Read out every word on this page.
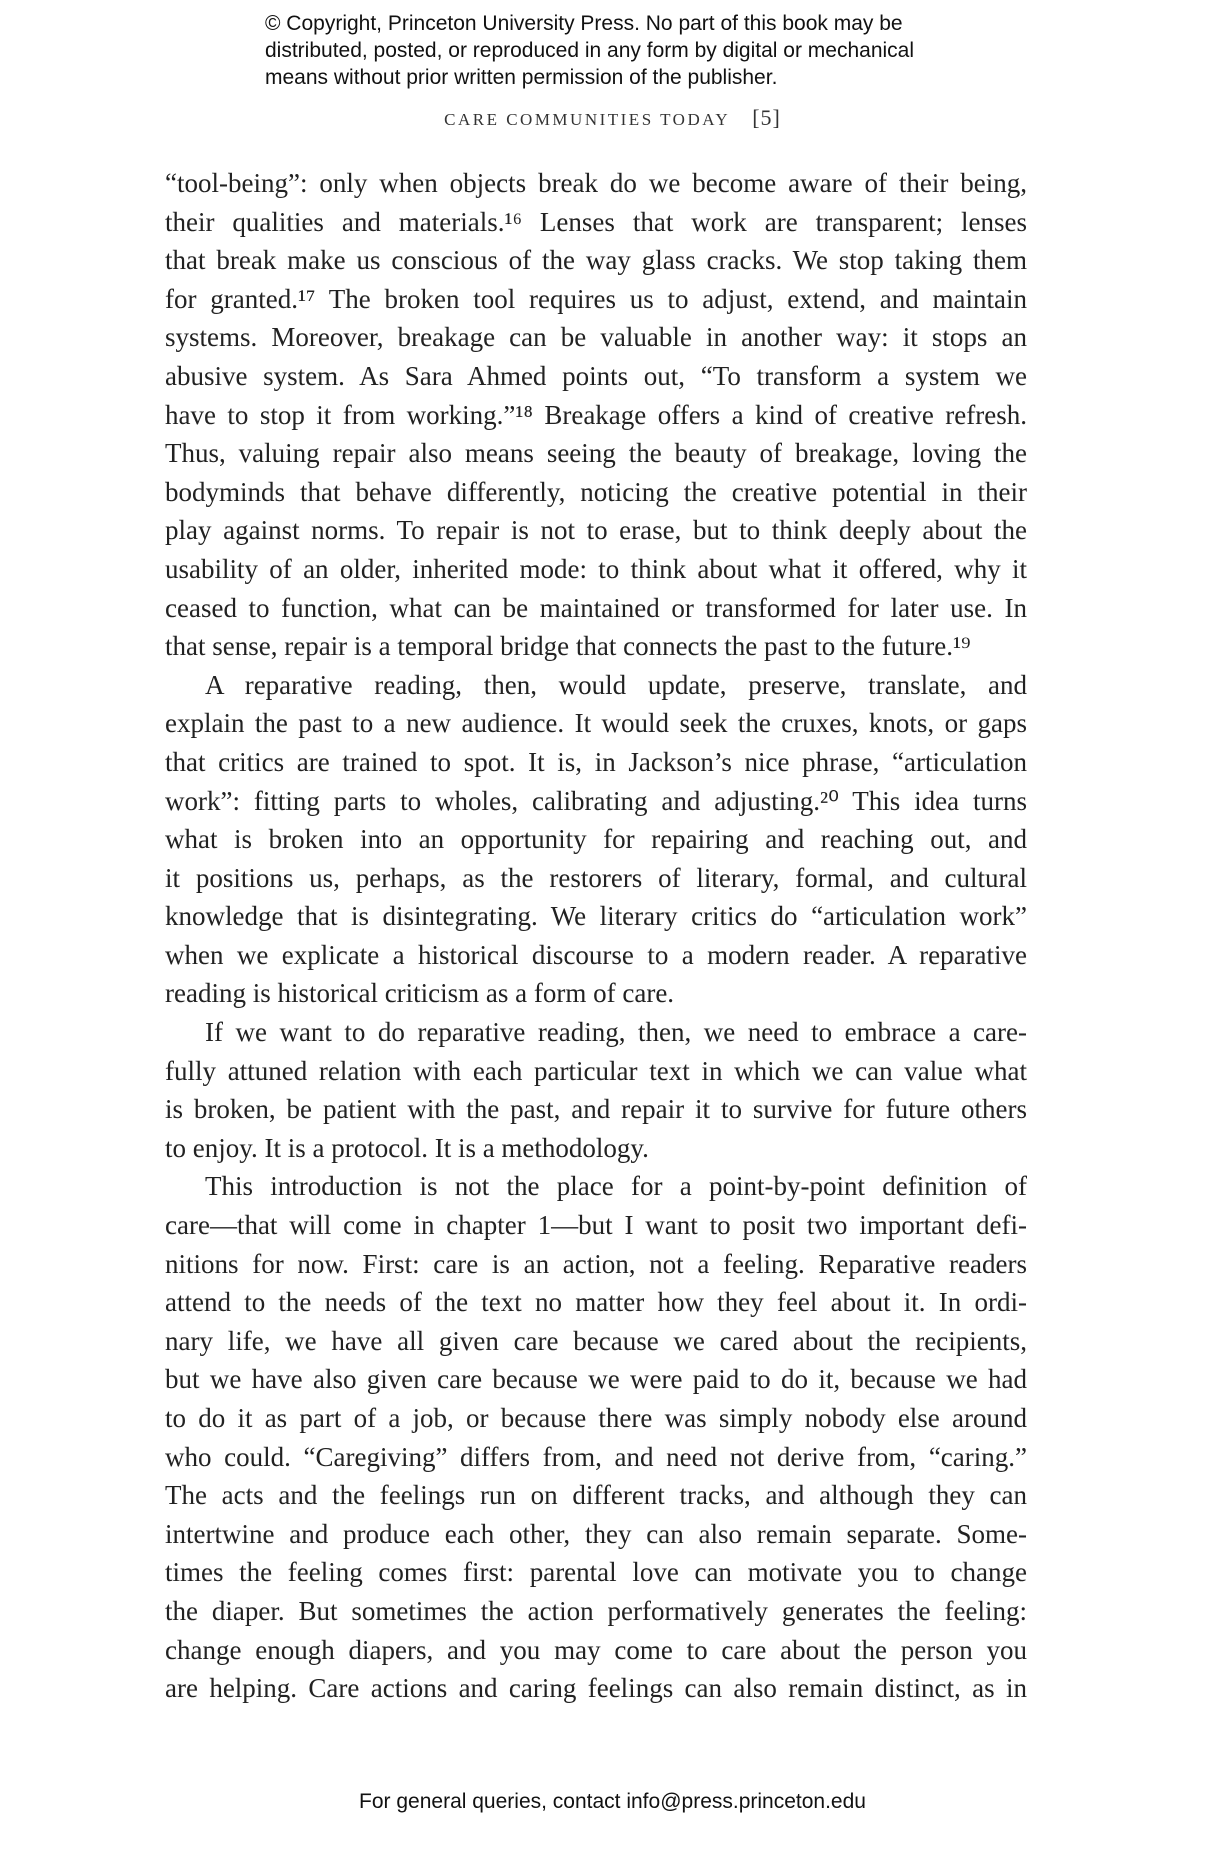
© Copyright, Princeton University Press. No part of this book may be
distributed, posted, or reproduced in any form by digital or mechanical
means without prior written permission of the publisher.
CARE COMMUNITIES TODAY [5]
“tool-being”: only when objects break do we become aware of their being,
their qualities and materials.¹⁶ Lenses that work are transparent; lenses
that break make us conscious of the way glass cracks. We stop taking them
for granted.¹⁷ The broken tool requires us to adjust, extend, and maintain
systems. Moreover, breakage can be valuable in another way: it stops an
abusive system. As Sara Ahmed points out, “To transform a system we
have to stop it from working.”¹⁸ Breakage offers a kind of creative refresh.
Thus, valuing repair also means seeing the beauty of breakage, loving the
bodyminds that behave differently, noticing the creative potential in their
play against norms. To repair is not to erase, but to think deeply about the
usability of an older, inherited mode: to think about what it offered, why it
ceased to function, what can be maintained or transformed for later use. In
that sense, repair is a temporal bridge that connects the past to the future.¹⁹
A reparative reading, then, would update, preserve, translate, and
explain the past to a new audience. It would seek the cruxes, knots, or gaps
that critics are trained to spot. It is, in Jackson’s nice phrase, “articulation
work”: fitting parts to wholes, calibrating and adjusting.²⁰ This idea turns
what is broken into an opportunity for repairing and reaching out, and
it positions us, perhaps, as the restorers of literary, formal, and cultural
knowledge that is disintegrating. We literary critics do “articulation work”
when we explicate a historical discourse to a modern reader. A reparative
reading is historical criticism as a form of care.
If we want to do reparative reading, then, we need to embrace a care-
fully attuned relation with each particular text in which we can value what
is broken, be patient with the past, and repair it to survive for future others
to enjoy. It is a protocol. It is a methodology.
This introduction is not the place for a point-by-point definition of
care—that will come in chapter 1—but I want to posit two important defi-
nitions for now. First: care is an action, not a feeling. Reparative readers
attend to the needs of the text no matter how they feel about it. In ordi-
nary life, we have all given care because we cared about the recipients,
but we have also given care because we were paid to do it, because we had
to do it as part of a job, or because there was simply nobody else around
who could. “Caregiving” differs from, and need not derive from, “caring.”
The acts and the feelings run on different tracks, and although they can
intertwine and produce each other, they can also remain separate. Some-
times the feeling comes first: parental love can motivate you to change
the diaper. But sometimes the action performatively generates the feeling:
change enough diapers, and you may come to care about the person you
are helping. Care actions and caring feelings can also remain distinct, as in
For general queries, contact info@press.princeton.edu
